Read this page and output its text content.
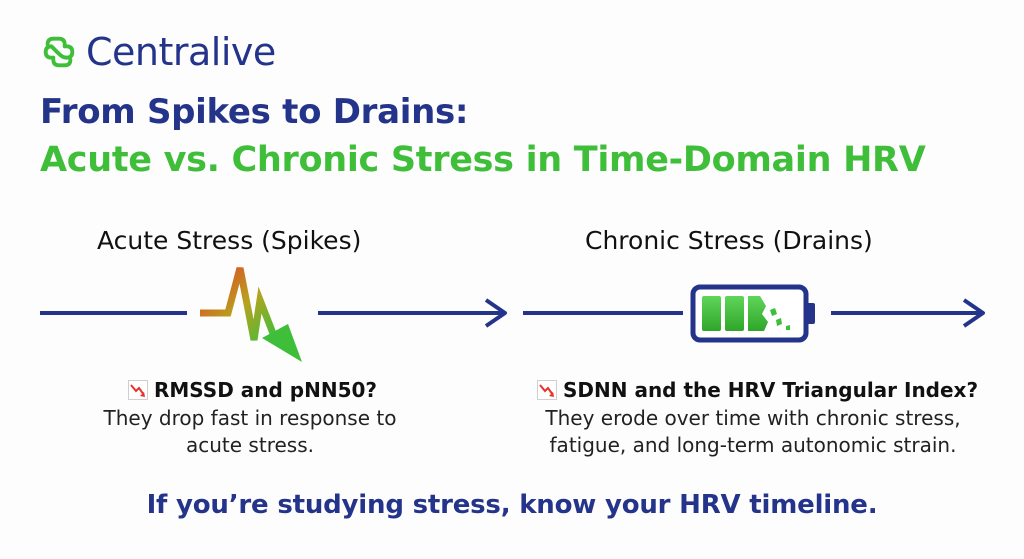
Centralive
From Spikes to Drains:
Acute vs. Chronic Stress in Time-Domain HRV
Acute Stress (Spikes)	Chronic Stress (Drains)
RMSSD and pNN50?
They drop fast in response to acute stress.
SDNN and the HRV Triangular Index?
They erode over time with chronic stress, fatigue, and long-term autonomic strain.
If you’re studying stress, know your HRV timeline.
